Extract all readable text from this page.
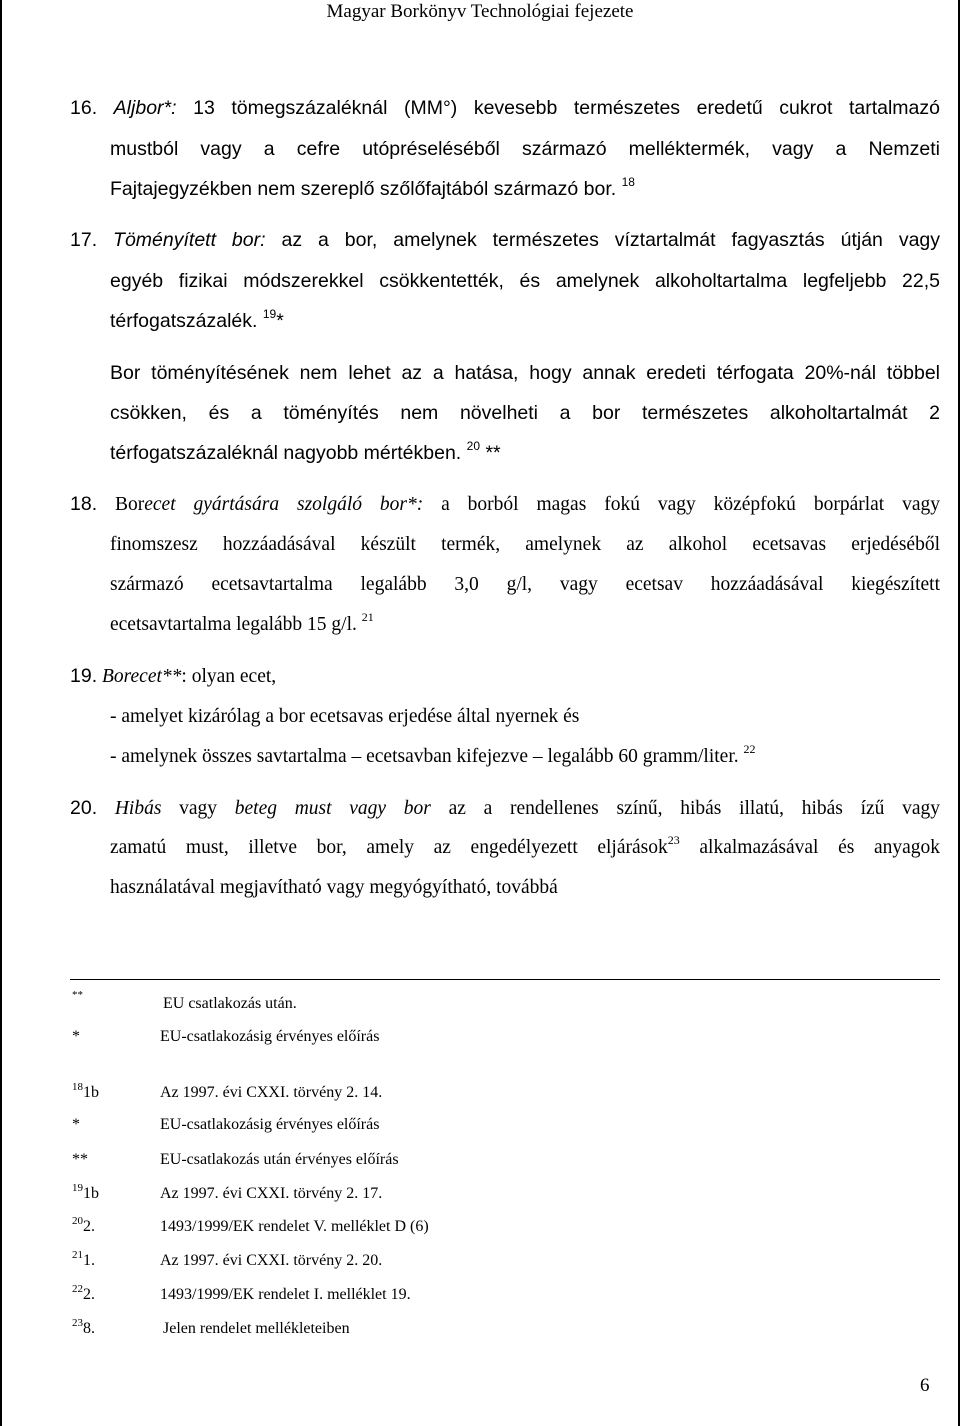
Magyar Borkönyv Technológiai fejezete
16. Aljbor*: 13 tömegszázaléknál (MM°) kevesebb természetes eredetű cukrot tartalmazó
mustból vagy a cefre utópréseléséből származó melléktermék, vagy a Nemzeti
Fajtajegyzékben nem szereplő szőlőfajtából származó bor. $^{18}$
17. Töményített bor: az a bor, amelynek természetes víztartalmát fagyasztás útján vagy
egyéb fizikai módszerekkel csökkentették, és amelynek alkoholtartalma legfeljebb 22,5
térfogatszázalék. $^{19}$*
Bor töményítésének nem lehet az a hatása, hogy annak eredeti térfogata 20%-nál többel
csökken, és a töményítés nem növelheti a bor természetes alkoholtartalmát 2
térfogatszázaléknál nagyobb mértékben. $^{20}$ **
18. Borecet gyártására szolgáló bor*: a borból magas fokú vagy középfokú borpárlat vagy
finomszesz hozzáadásával készült termék, amelynek az alkohol ecetsavas erjedéséből
származó ecetsavtartalma legalább 3,0 g/l, vagy ecetsav hozzáadásával kiegészített
ecetsavtartalma legalább 15 g/l. $^{21}$
19. Borecet**: olyan ecet,
- amelyet kizárólag a bor ecetsavas erjedése által nyernek és
- amelynek összes savtartalma – ecetsavban kifejezve – legalább 60 gramm/liter. $^{22}$
20. Hibás vagy beteg must vagy bor az a rendellenes színű, hibás illatú, hibás ízű vagy
zamatú must, illetve bor, amely az engedélyezett eljárások$^{23}$ alkalmazásával és anyagok
használatával megjavítható vagy megyógyítható, továbbá
**	EU csatlakozás után.
*	EU-csatlakozásig érvényes előírás
$^{18}$1b	Az 1997. évi CXXI. törvény 2. 14.
*	EU-csatlakozásig érvényes előírás
**	EU-csatlakozás után érvényes előírás
$^{19}$1b	Az 1997. évi CXXI. törvény 2. 17.
$^{20}$2.	1493/1999/EK rendelet V. melléklet D (6)
$^{21}$1.	Az 1997. évi CXXI. törvény 2. 20.
$^{22}$2.	1493/1999/EK rendelet I. melléklet 19.
$^{23}$8.	Jelen rendelet mellékleteiben
6
